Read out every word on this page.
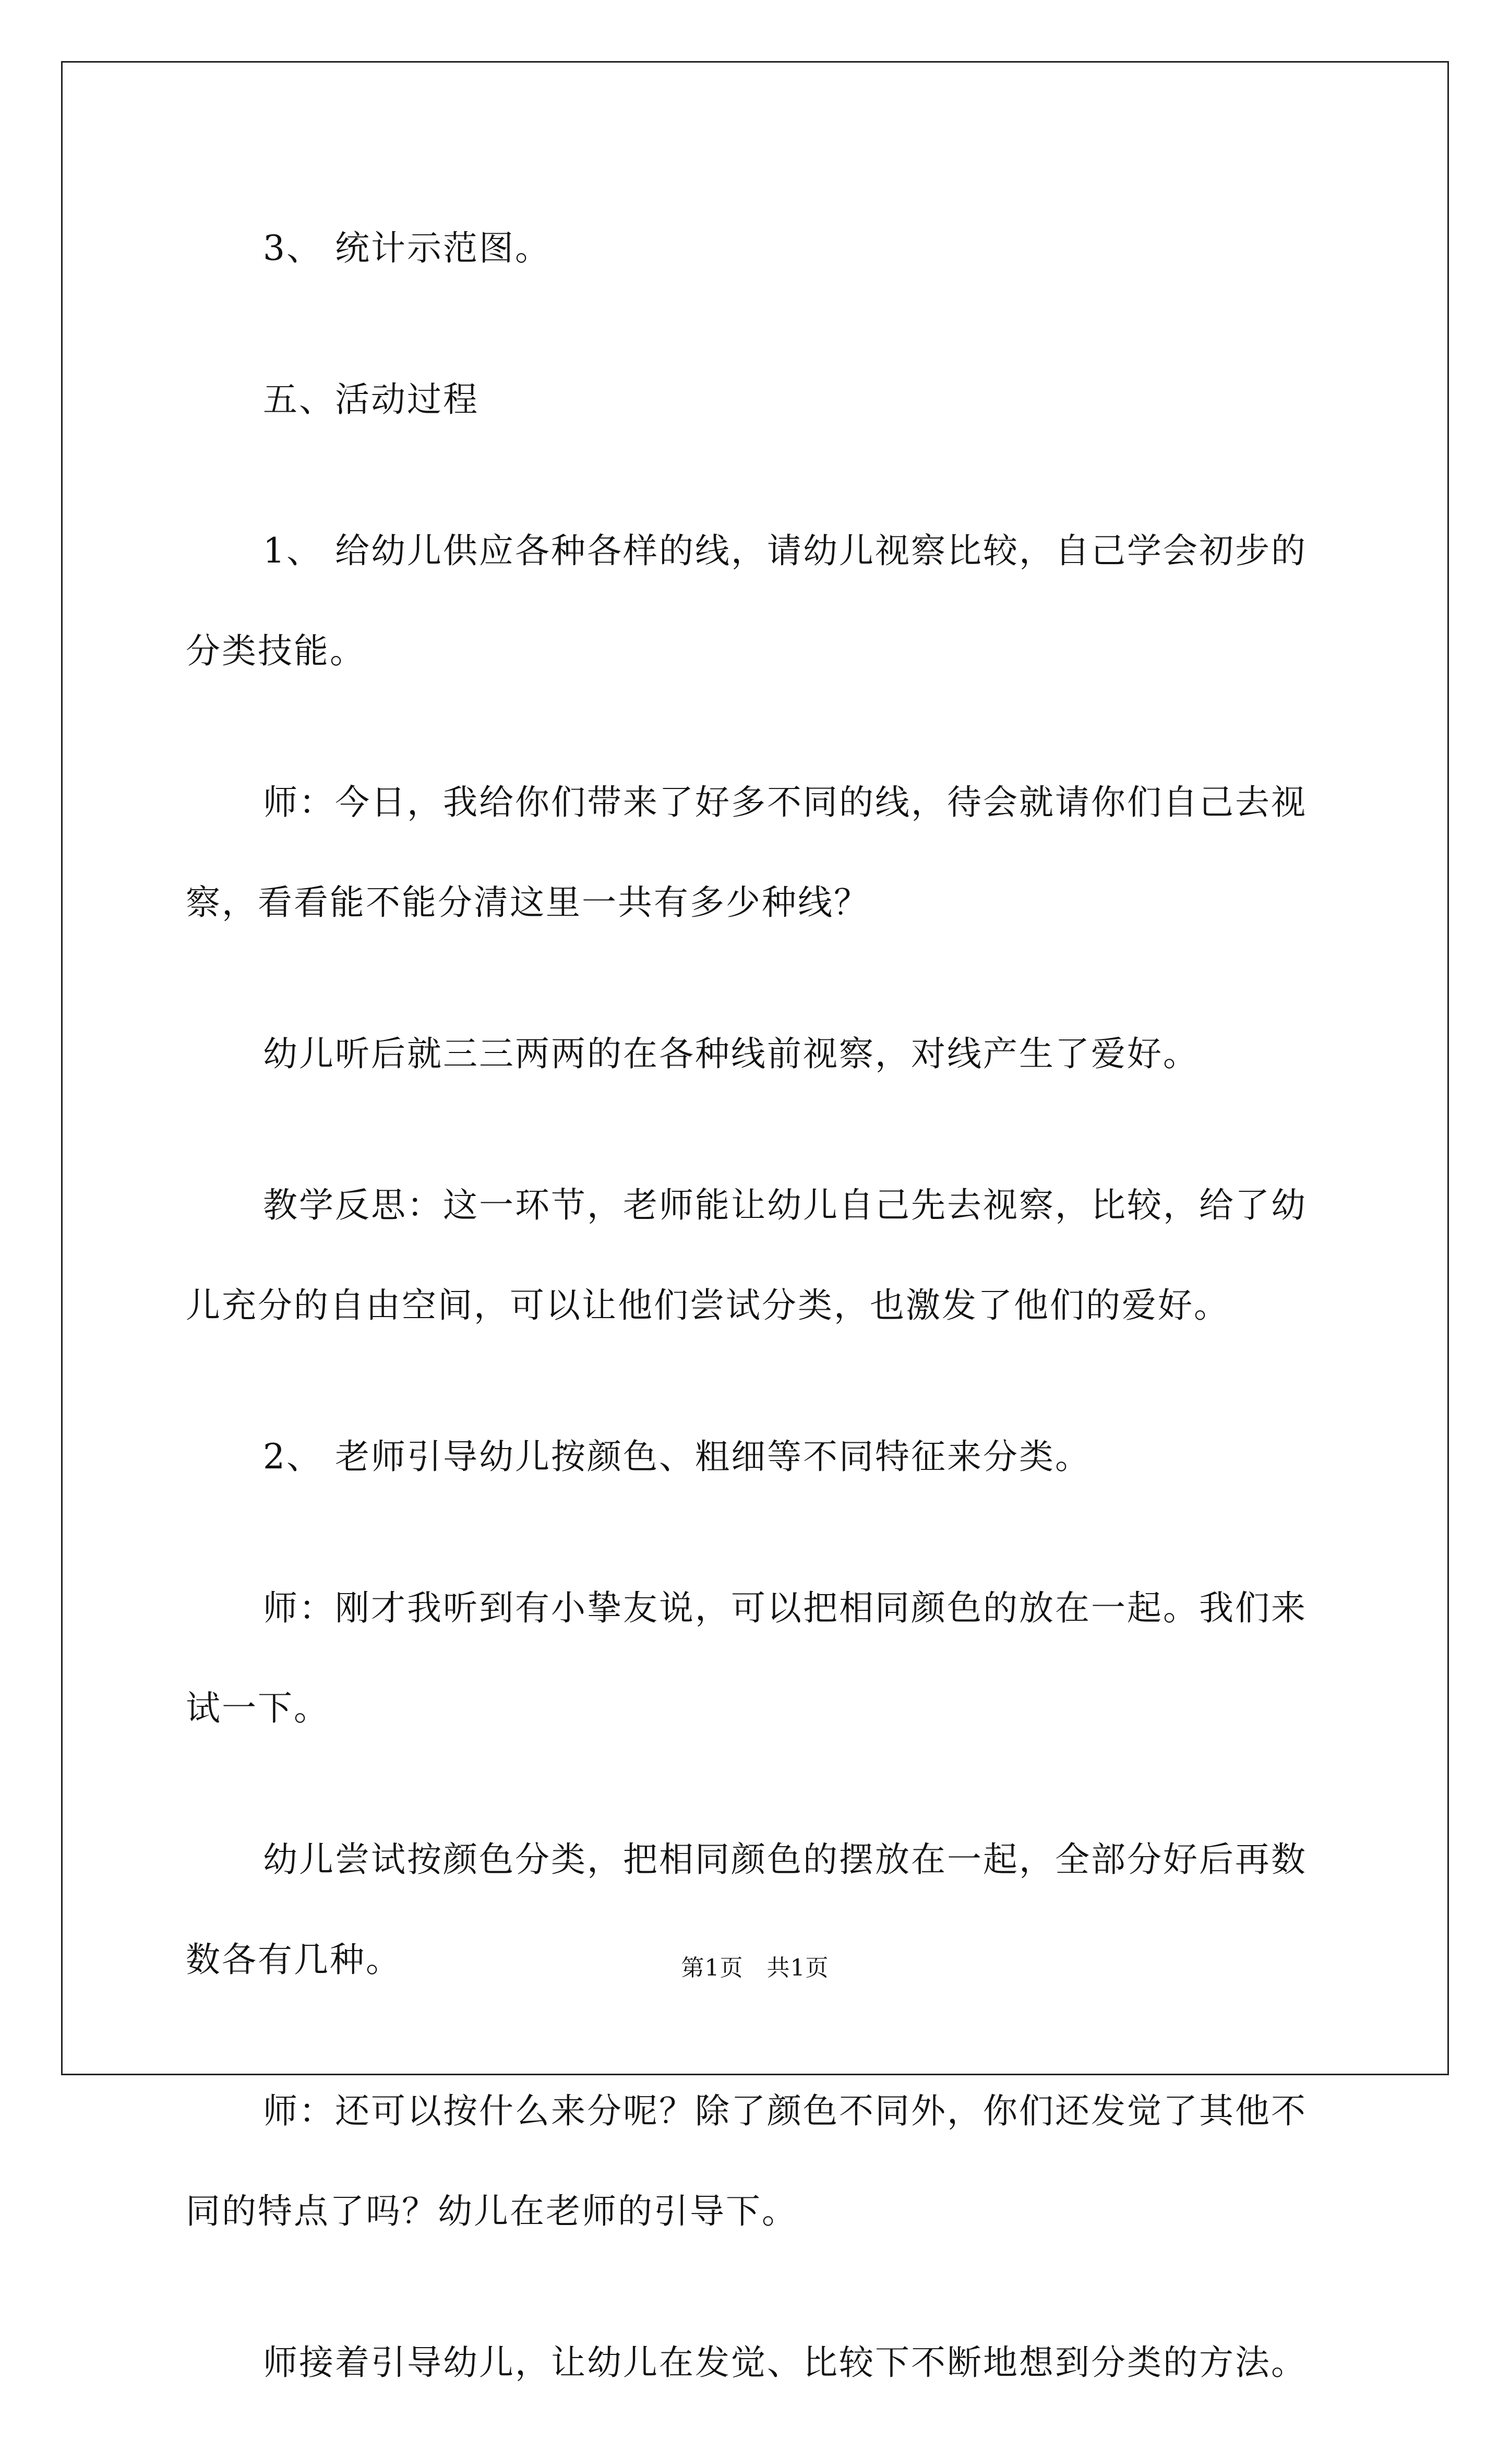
3、 统计示范图。

五、活动过程

1、 给幼儿供应各种各样的线，请幼儿视察比较，自己学会初步的分类技能。

师：今日，我给你们带来了好多不同的线，待会就请你们自己去视察，看看能不能分清这里一共有多少种线？

幼儿听后就三三两两的在各种线前视察，对线产生了爱好。

教学反思：这一环节，老师能让幼儿自己先去视察，比较，给了幼儿充分的自由空间，可以让他们尝试分类，也激发了他们的爱好。

2、 老师引导幼儿按颜色、粗细等不同特征来分类。

师：刚才我听到有小挚友说，可以把相同颜色的放在一起。我们来试一下。

幼儿尝试按颜色分类，把相同颜色的摆放在一起，全部分好后再数数各有几种。

师：还可以按什么来分呢？除了颜色不同外，你们还发觉了其他不同的特点了吗？幼儿在老师的引导下。

师接着引导幼儿，让幼儿在发觉、比较下不断地想到分类的方法。

第1页　共1页
